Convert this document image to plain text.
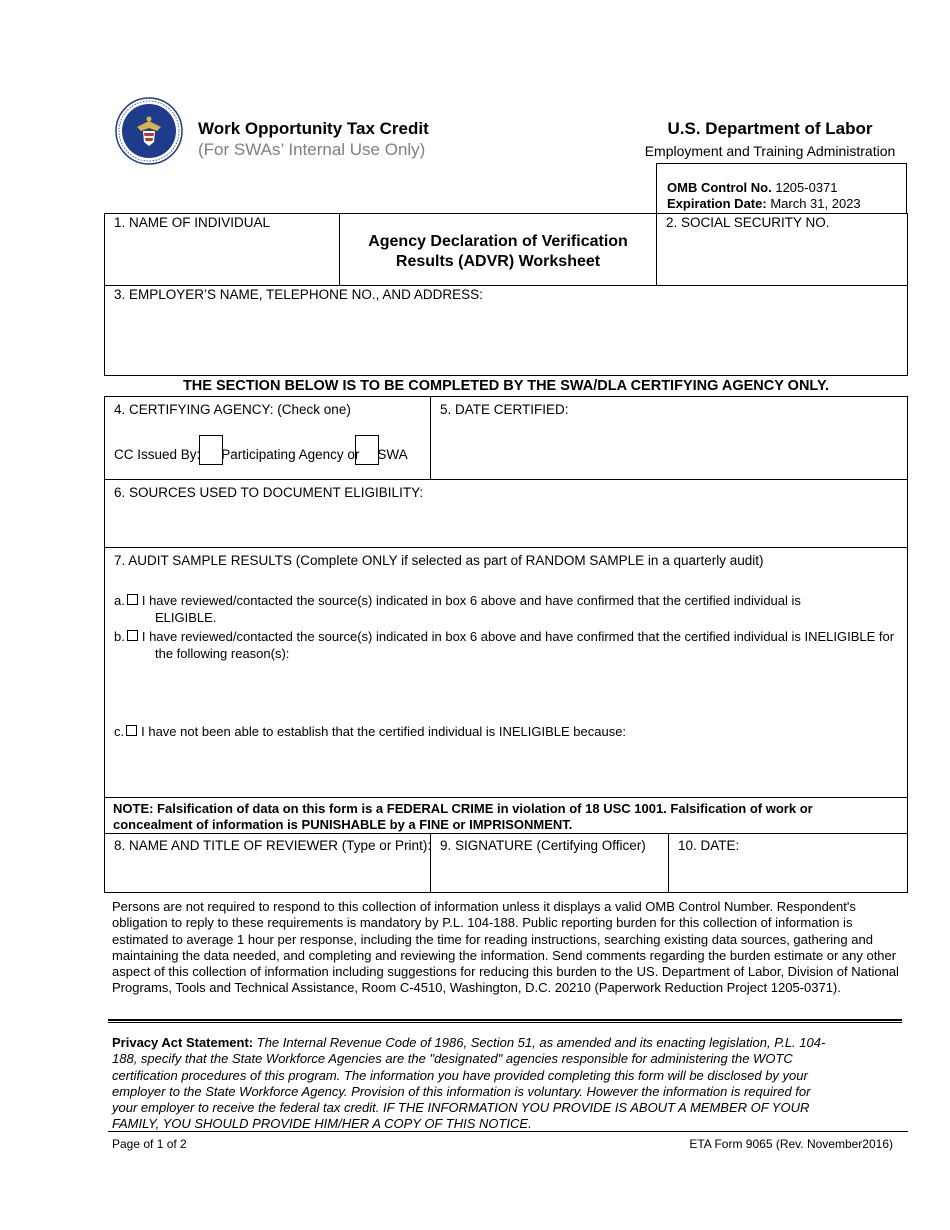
Work Opportunity Tax Credit
(For SWAs’ Internal Use Only)
U.S. Department of Labor
Employment and Training Administration
OMB Control No. 1205-0371
Expiration Date: March 31, 2023
1. NAME OF INDIVIDUAL
Agency Declaration of Verification
Results (ADVR) Worksheet
2. SOCIAL SECURITY NO.
3. EMPLOYER’S NAME, TELEPHONE NO., AND ADDRESS:
THE SECTION BELOW IS TO BE COMPLETED BY THE SWA/DLA CERTIFYING AGENCY ONLY.
4. CERTIFYING AGENCY: (Check one)
CC Issued By: Participating Agency or SWA
5. DATE CERTIFIED:
6. SOURCES USED TO DOCUMENT ELIGIBILITY:
7. AUDIT SAMPLE RESULTS (Complete ONLY if selected as part of RANDOM SAMPLE in a quarterly audit)
a. I have reviewed/contacted the source(s) indicated in box 6 above and have confirmed that the certified individual is
ELIGIBLE.
b. I have reviewed/contacted the source(s) indicated in box 6 above and have confirmed that the certified individual is INELIGIBLE for
the following reason(s):
c. I have not been able to establish that the certified individual is INELIGIBLE because:
NOTE: Falsification of data on this form is a FEDERAL CRIME in violation of 18 USC 1001. Falsification of work or
concealment of information is PUNISHABLE by a FINE or IMPRISONMENT.
8. NAME AND TITLE OF REVIEWER (Type or Print): 9. SIGNATURE (Certifying Officer) 10. DATE:
Persons are not required to respond to this collection of information unless it displays a valid OMB Control Number. Respondent's
obligation to reply to these requirements is mandatory by P.L. 104-188. Public reporting burden for this collection of information is
estimated to average 1 hour per response, including the time for reading instructions, searching existing data sources, gathering and
maintaining the data needed, and completing and reviewing the information. Send comments regarding the burden estimate or any other
aspect of this collection of information including suggestions for reducing this burden to the US. Department of Labor, Division of National
Programs, Tools and Technical Assistance, Room C-4510, Washington, D.C. 20210 (Paperwork Reduction Project 1205-0371).
Privacy Act Statement: The Internal Revenue Code of 1986, Section 51, as amended and its enacting legislation, P.L. 104-
188, specify that the State Workforce Agencies are the "designated" agencies responsible for administering the WOTC
certification procedures of this program. The information you have provided completing this form will be disclosed by your
employer to the State Workforce Agency. Provision of this information is voluntary. However the information is required for
your employer to receive the federal tax credit. IF THE INFORMATION YOU PROVIDE IS ABOUT A MEMBER OF YOUR
FAMILY, YOU SHOULD PROVIDE HIM/HER A COPY OF THIS NOTICE.
Page of 1 of 2	ETA Form 9065 (Rev. November2016)
